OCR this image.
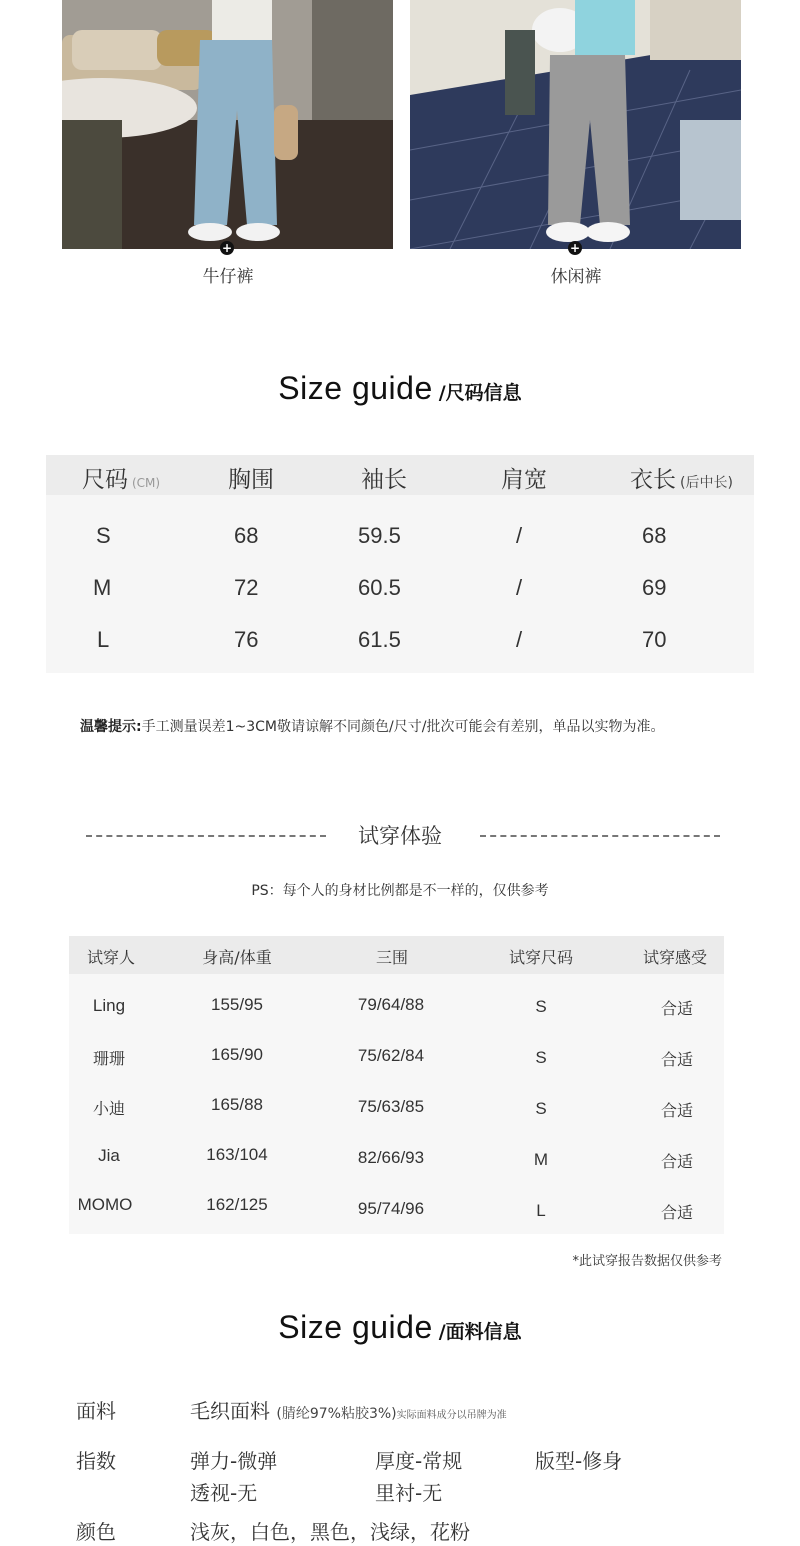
+
牛仔裤
+
休闲裤
Size guide /尺码信息
尺码 (CM)	胸围	袖长	肩宽	衣长 (后中长)
S	68	59.5	/	68
M	72	60.5	/	69
L	76	61.5	/	70
温馨提示:手工测量误差1~3CM敬请谅解不同颜色/尺寸/批次可能会有差别，单品以实物为准。
试穿体验
PS：每个人的身材比例都是不一样的，仅供参考
试穿人	身高/体重	三围	试穿尺码	试穿感受
Ling	155/95	79/64/88	S	合适
珊珊	165/90	75/62/84	S	合适
小迪	165/88	75/63/85	S	合适
Jia	163/104	82/66/93	M	合适
MOMO	162/125	95/74/96	L	合适
*此试穿报告数据仅供参考
Size guide /面料信息
面料	毛织面料 (腈纶97%粘胶3%)实际面料成分以吊牌为准
指数	弹力-微弹	厚度-常规	版型-修身
透视-无	里衬-无
颜色	浅灰，白色，黑色，浅绿，花粉
